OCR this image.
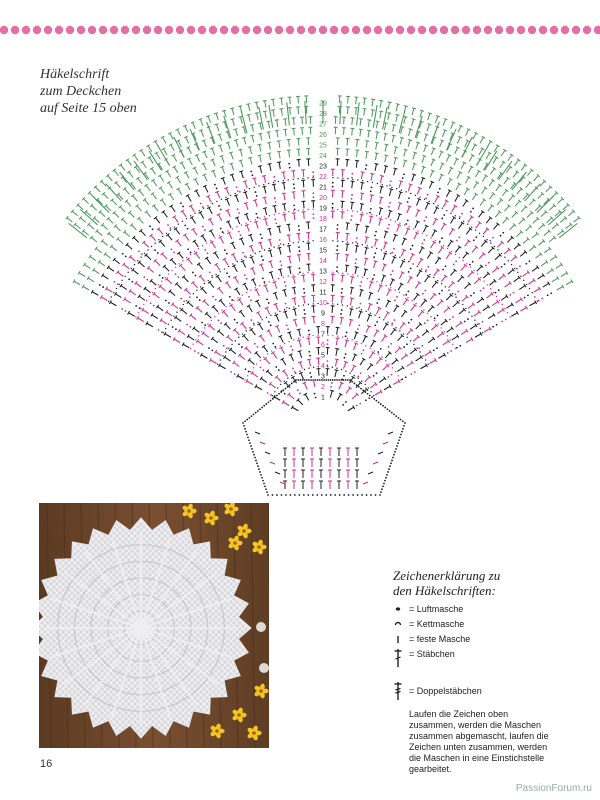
Häkelschrift
zum Deckchen
auf Seite 15 oben
1
2
3
4
5
6
7
8
9
10
11
12
13
14
15
16
17
18
19
20
21
22
23
24
25
26
27
28
29
Zeichenerklärung zu
den Häkelschriften:
= Luftmasche
= Kettmasche
= feste Masche
= Stäbchen
= Doppelstäbchen
Laufen die Zeichen oben zusammen, werden die Maschen zusammen abgemascht, laufen die Zeichen unten zusammen, werden die Maschen in eine Einstichstelle gearbeitet.
16
PassionForum.ru
